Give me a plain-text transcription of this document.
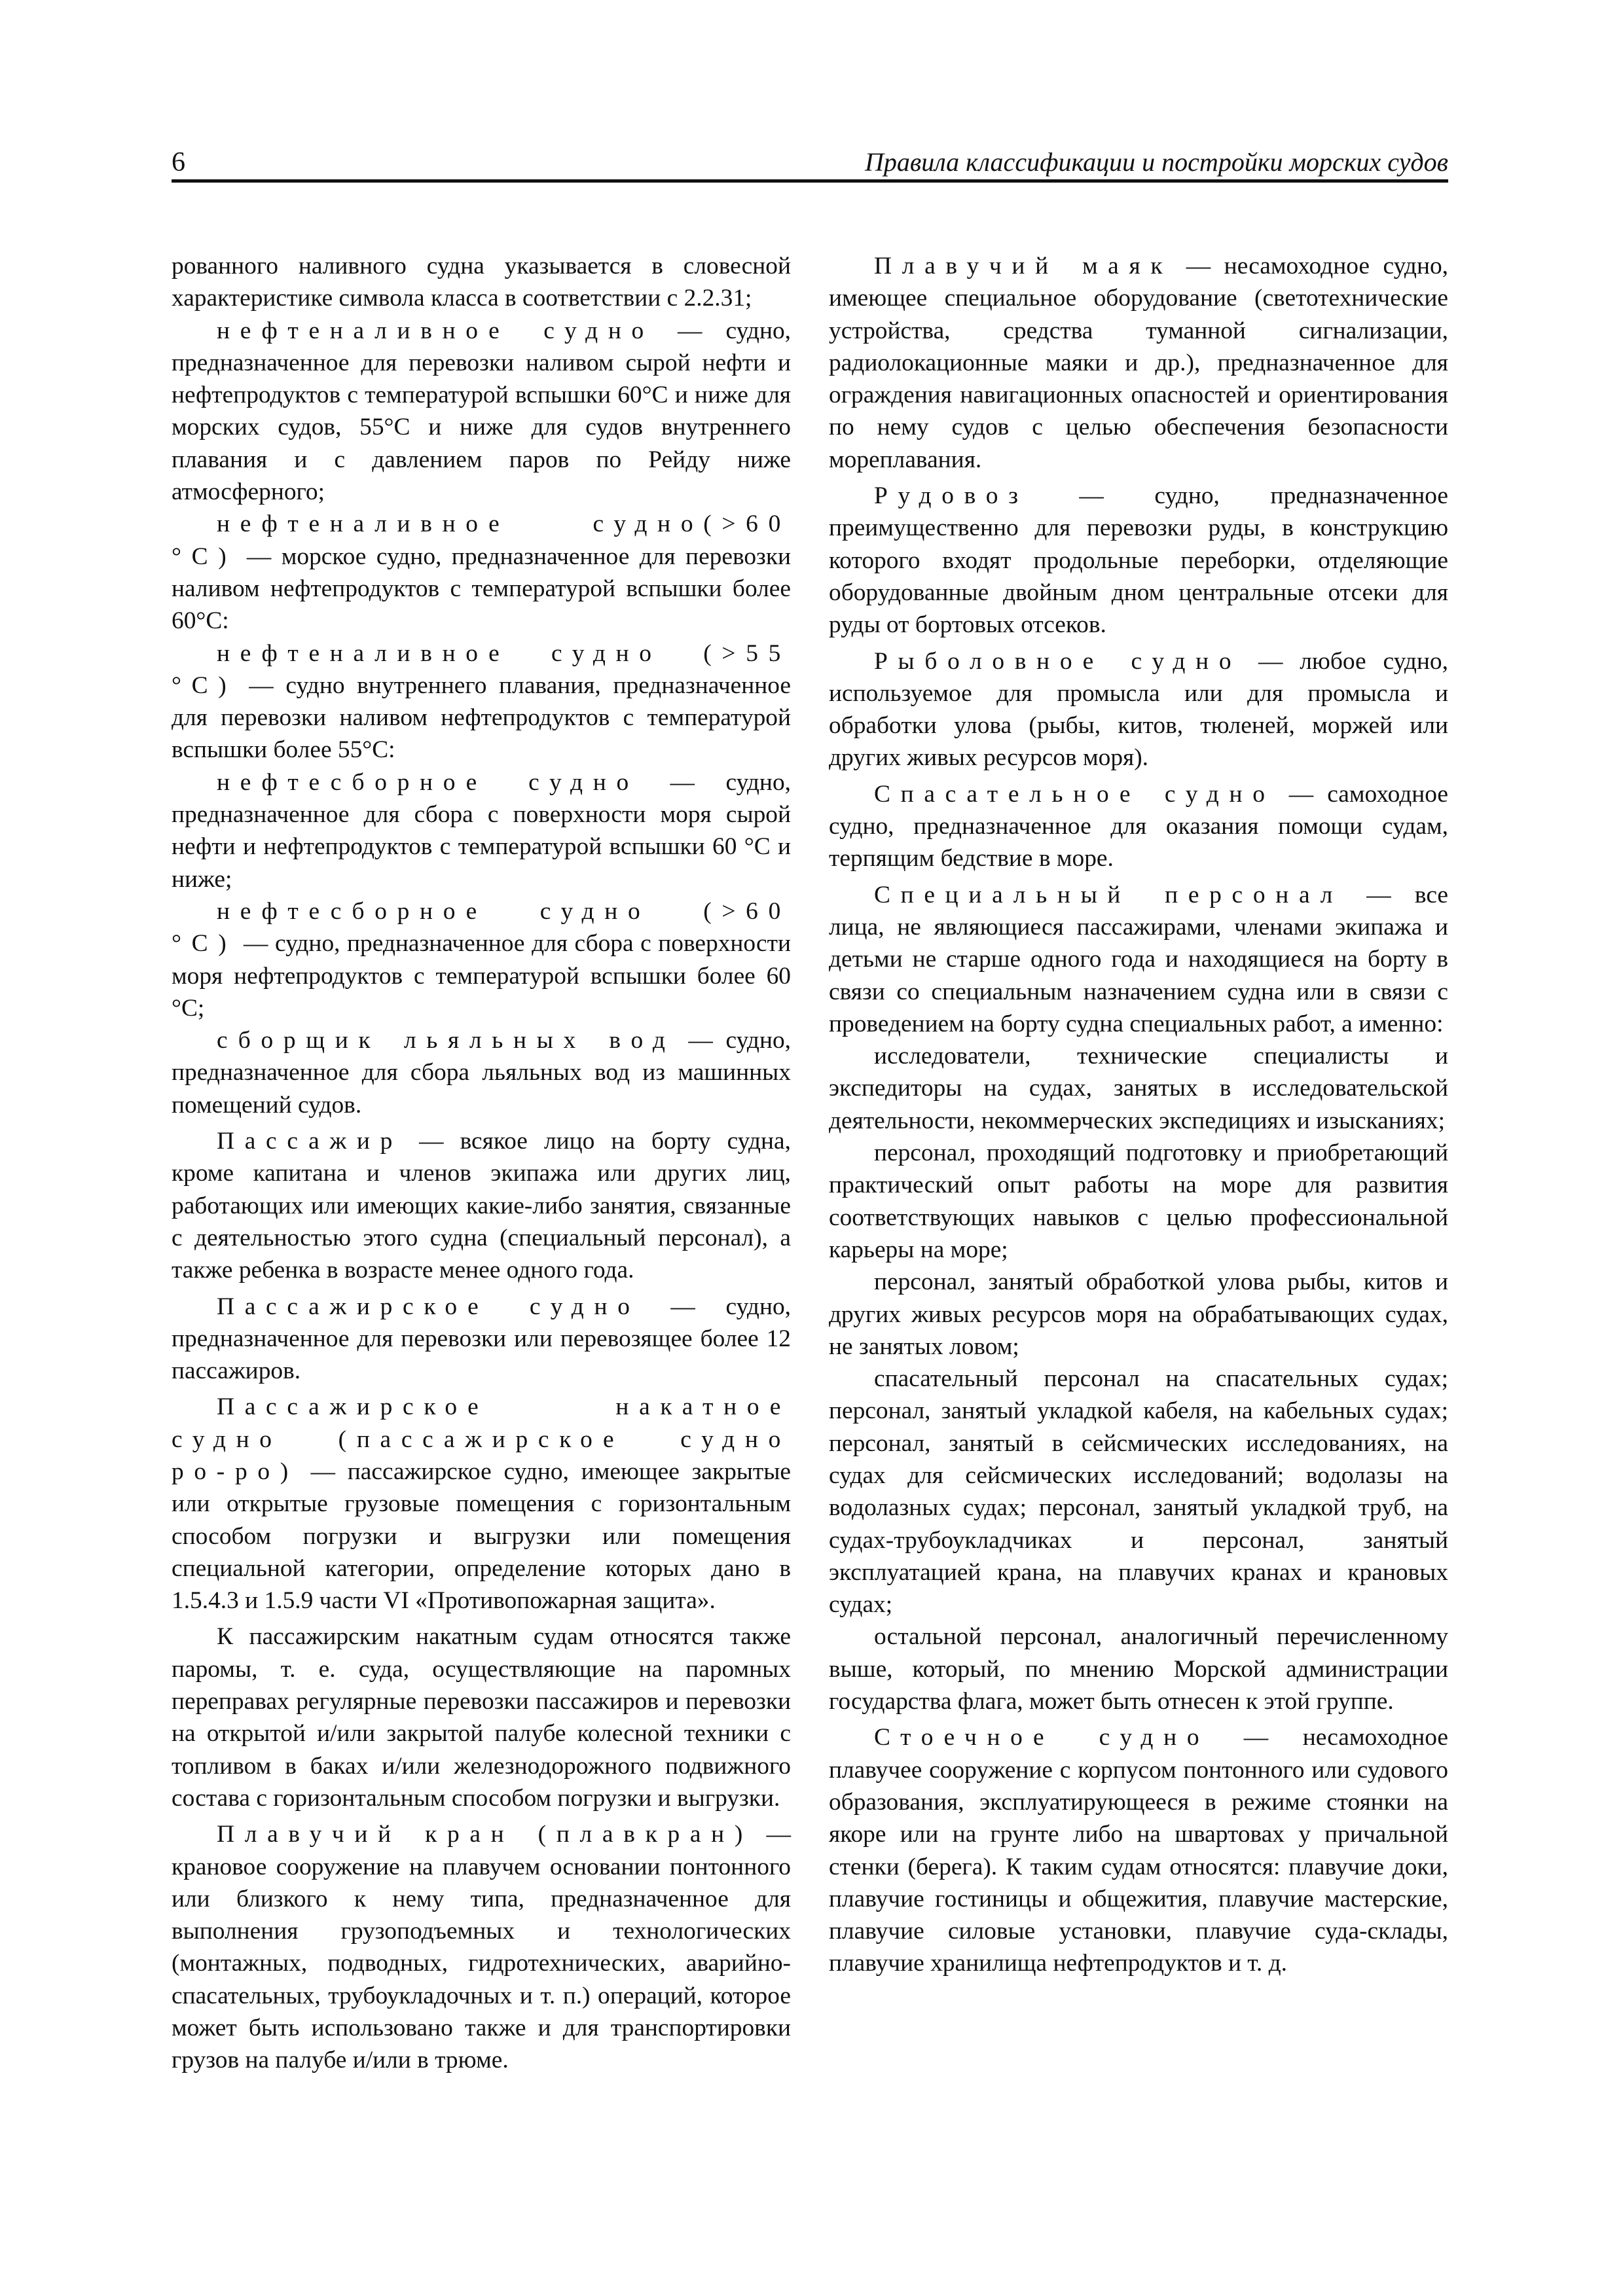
6	Правила классификации и постройки морских судов

рованного наливного судна указывается в словесной характеристике символа класса в соответствии с 2.2.31;

нефтеналивное судно — судно, предназначенное для перевозки наливом сырой нефти и нефтепродуктов с температурой вспышки 60°С и ниже для морских судов, 55°С и ниже для судов внутреннего плавания и с давлением паров по Рейду ниже атмосферного;

нефтеналивное судно(>60 °С) — морское судно, предназначенное для перевозки наливом нефтепродуктов с температурой вспышки более 60°С:

нефтеналивное судно (>55 °С) — судно внутреннего плавания, предназначенное для перевозки наливом нефтепродуктов с температурой вспышки более 55°С:

нефтесборное судно — судно, предназначенное для сбора с поверхности моря сырой нефти и нефтепродуктов с температурой вспышки 60 °С и ниже;

нефтесборное судно (>60 °С) — судно, предназначенное для сбора с поверхности моря нефтепродуктов с температурой вспышки более 60 °С;

сборщик льяльных вод — судно, предназначенное для сбора льяльных вод из машинных помещений судов.

Пассажир — всякое лицо на борту судна, кроме капитана и членов экипажа или других лиц, работающих или имеющих какие-либо занятия, связанные с деятельностью этого судна (специальный персонал), а также ребенка в возрасте менее одного года.

Пассажирское судно — судно, предназначенное для перевозки или перевозящее более 12 пассажиров.

Пассажирское накатное судно (пассажирское судно ро-ро) — пассажирское судно, имеющее закрытые или открытые грузовые помещения с горизонтальным способом погрузки и выгрузки или помещения специальной категории, определение которых дано в 1.5.4.3 и 1.5.9 части VI «Противопожарная защита».

К пассажирским накатным судам относятся также паромы, т. е. суда, осуществляющие на паромных переправах регулярные перевозки пассажиров и перевозки на открытой и/или закрытой палубе колесной техники с топливом в баках и/или железнодорожного подвижного состава с горизонтальным способом погрузки и выгрузки.

Плавучий кран (плавкран) — крановое сооружение на плавучем основании понтонного или близкого к нему типа, предназначенное для выполнения грузоподъемных и технологических (монтажных, подводных, гидротехнических, аварийно-спасательных, трубоукладочных и т. п.) операций, которое может быть использовано также и для транспортировки грузов на палубе и/или в трюме.

Плавучий маяк — несамоходное судно, имеющее специальное оборудование (светотехнические устройства, средства туманной сигнализации, радиолокационные маяки и др.), предназначенное для ограждения навигационных опасностей и ориентирования по нему судов с целью обеспечения безопасности мореплавания.

Рудовоз — судно, предназначенное преимущественно для перевозки руды, в конструкцию которого входят продольные переборки, отделяющие оборудованные двойным дном центральные отсеки для руды от бортовых отсеков.

Рыболовное судно — любое судно, используемое для промысла или для промысла и обработки улова (рыбы, китов, тюленей, моржей или других живых ресурсов моря).

Спасательное судно — самоходное судно, предназначенное для оказания помощи судам, терпящим бедствие в море.

Специальный персонал — все лица, не являющиеся пассажирами, членами экипажа и детьми не старше одного года и находящиеся на борту в связи со специальным назначением судна или в связи с проведением на борту судна специальных работ, а именно:

исследователи, технические специалисты и экспедиторы на судах, занятых в исследовательской деятельности, некоммерческих экспедициях и изысканиях;

персонал, проходящий подготовку и приобретающий практический опыт работы на море для развития соответствующих навыков с целью профессиональной карьеры на море;

персонал, занятый обработкой улова рыбы, китов и других живых ресурсов моря на обрабатывающих судах, не занятых ловом;

спасательный персонал на спасательных судах; персонал, занятый укладкой кабеля, на кабельных судах; персонал, занятый в сейсмических исследованиях, на судах для сейсмических исследований; водолазы на водолазных судах; персонал, занятый укладкой труб, на судах-трубоукладчиках и персонал, занятый эксплуатацией крана, на плавучих кранах и крановых судах;

остальной персонал, аналогичный перечисленному выше, который, по мнению Морской администрации государства флага, может быть отнесен к этой группе.

Стоечное судно — несамоходное плавучее сооружение с корпусом понтонного или судового образования, эксплуатирующееся в режиме стоянки на якоре или на грунте либо на швартовах у причальной стенки (берега). К таким судам относятся: плавучие доки, плавучие гостиницы и общежития, плавучие мастерские, плавучие силовые установки, плавучие суда-склады, плавучие хранилища нефтепродуктов и т. д.
